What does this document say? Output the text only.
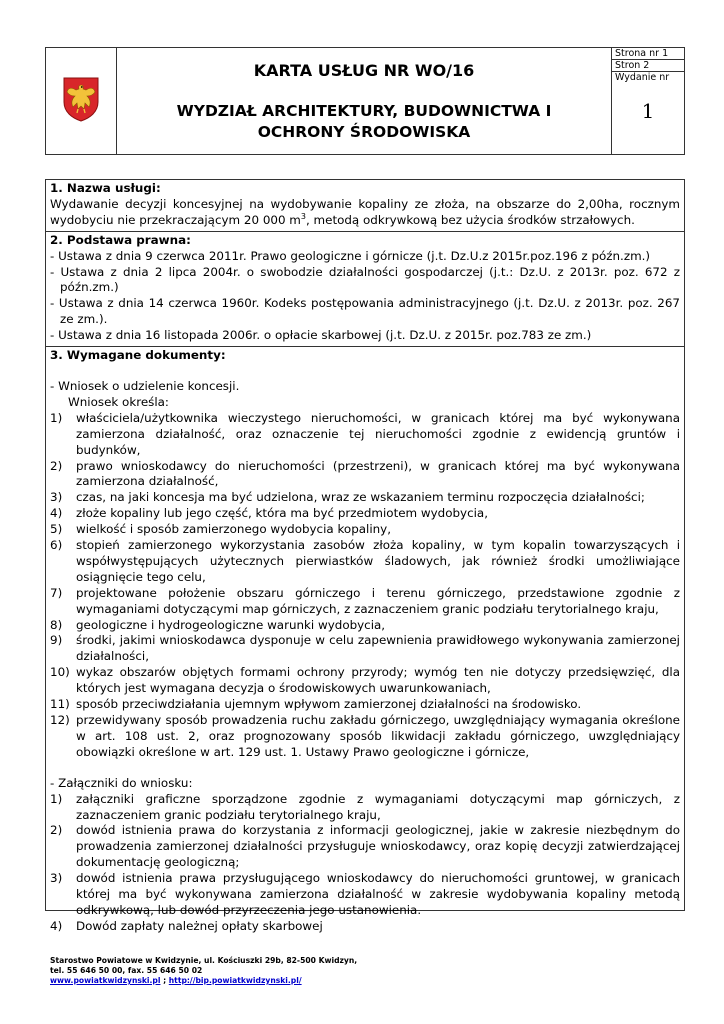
KARTA USŁUG NR WO/16
WYDZIAŁ ARCHITEKTURY, BUDOWNICTWA I
OCHRONY ŚRODOWISKA	
Strona nr 1
Stron 2
Wydanie nr
1
1. Nazwa usługi:
Wydawanie decyzji koncesyjnej na wydobywanie kopaliny ze złoża, na obszarze do 2,00ha, rocznym wydobyciu nie przekraczającym 20 000 $m^3$, metodą odkrywkową bez użycia środków strzałowych.
2. Podstawa prawna:
- Ustawa z dnia 9 czerwca 2011r. Prawo geologiczne i górnicze (j.t. Dz.U.z 2015r.poz.196 z późn.zm.)
- Ustawa z dnia 2 lipca 2004r. o swobodzie działalności gospodarczej (j.t.: Dz.U. z 2013r. poz. 672 z późn.zm.)
- Ustawa z dnia 14 czerwca 1960r. Kodeks postępowania administracyjnego (j.t. Dz.U. z 2013r. poz. 267 ze zm.).
- Ustawa z dnia 16 listopada 2006r. o opłacie skarbowej (j.t. Dz.U. z 2015r. poz.783 ze zm.)
3. Wymagane dokumenty:
- Wniosek o udzielenie koncesji.
Wniosek określa:
1) właściciela/użytkownika wieczystego nieruchomości, w granicach której ma być wykonywana zamierzona działalność, oraz oznaczenie tej nieruchomości zgodnie z ewidencją gruntów i budynków,
2) prawo wnioskodawcy do nieruchomości (przestrzeni), w granicach której ma być wykonywana zamierzona działalność,
3) czas, na jaki koncesja ma być udzielona, wraz ze wskazaniem terminu rozpoczęcia działalności;
4) złoże kopaliny lub jego część, która ma być przedmiotem wydobycia,
5) wielkość i sposób zamierzonego wydobycia kopaliny,
6) stopień zamierzonego wykorzystania zasobów złoża kopaliny, w tym kopalin towarzyszących i współwystępujących użytecznych pierwiastków śladowych, jak również środki umożliwiające osiągnięcie tego celu,
7) projektowane położenie obszaru górniczego i terenu górniczego, przedstawione zgodnie z wymaganiami dotyczącymi map górniczych, z zaznaczeniem granic podziału terytorialnego kraju,
8) geologiczne i hydrogeologiczne warunki wydobycia,
9) środki, jakimi wnioskodawca dysponuje w celu zapewnienia prawidłowego wykonywania zamierzonej działalności,
10) wykaz obszarów objętych formami ochrony przyrody; wymóg ten nie dotyczy przedsięwzięć, dla których jest wymagana decyzja o środowiskowych uwarunkowaniach,
11) sposób przeciwdziałania ujemnym wpływom zamierzonej działalności na środowisko.
12) przewidywany sposób prowadzenia ruchu zakładu górniczego, uwzględniający wymagania określone w art. 108 ust. 2, oraz prognozowany sposób likwidacji zakładu górniczego, uwzględniający obowiązki określone w art. 129 ust. 1. Ustawy Prawo geologiczne i górnicze,
- Załączniki do wniosku:
1) załączniki graficzne sporządzone zgodnie z wymaganiami dotyczącymi map górniczych, z zaznaczeniem granic podziału terytorialnego kraju,
2) dowód istnienia prawa do korzystania z informacji geologicznej, jakie w zakresie niezbędnym do prowadzenia zamierzonej działalności przysługuje wnioskodawcy, oraz kopię decyzji zatwierdzającej dokumentację geologiczną;
3) dowód istnienia prawa przysługującego wnioskodawcy do nieruchomości gruntowej, w granicach której ma być wykonywana zamierzona działalność w zakresie wydobywania kopaliny metodą odkrywkową, lub dowód przyrzeczenia jego ustanowienia.
4) Dowód zapłaty należnej opłaty skarbowej
Starostwo Powiatowe w Kwidzynie, ul. Kościuszki 29b, 82-500 Kwidzyn,
tel. 55 646 50 00, fax. 55 646 50 02
www.powiatkwidzynski.pl ; http://bip.powiatkwidzynski.pl/
